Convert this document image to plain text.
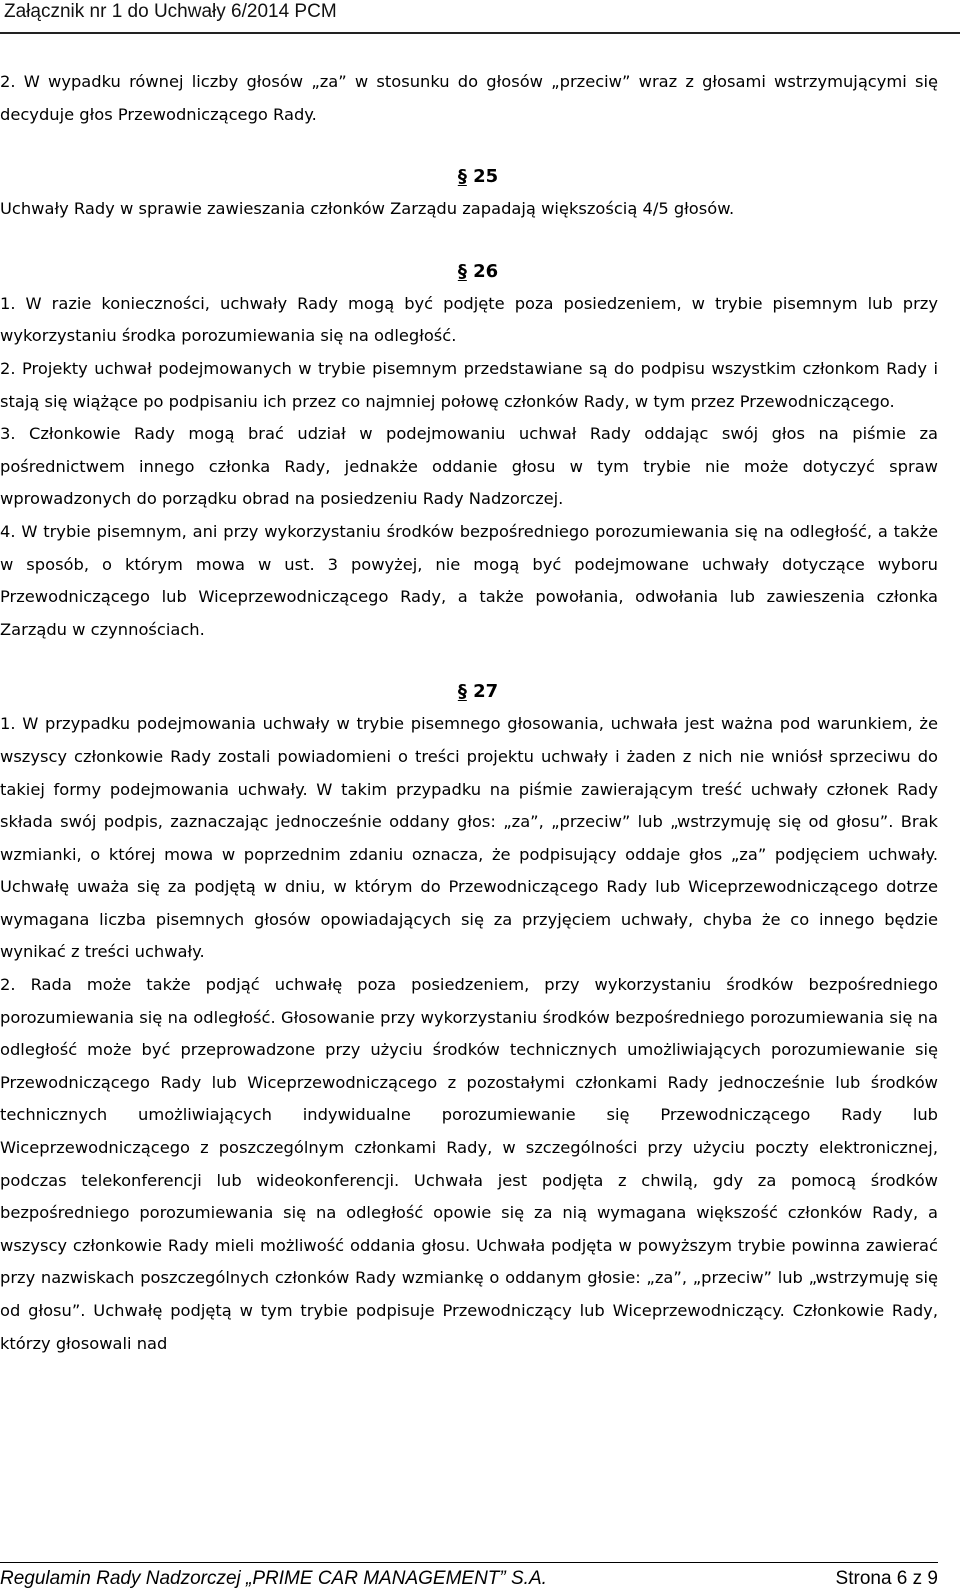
Załącznik nr 1 do Uchwały 6/2014 PCM

2. W wypadku równej liczby głosów „za” w stosunku do głosów „przeciw” wraz z głosami wstrzymującymi się decyduje głos Przewodniczącego Rady.

§ 25

Uchwały Rady w sprawie zawieszania członków Zarządu zapadają większością 4/5 głosów.

§ 26

1. W razie konieczności, uchwały Rady mogą być podjęte poza posiedzeniem, w trybie pisemnym lub przy wykorzystaniu środka porozumiewania się na odległość.

2. Projekty uchwał podejmowanych w trybie pisemnym przedstawiane są do podpisu wszystkim członkom Rady i stają się wiążące po podpisaniu ich przez co najmniej połowę członków Rady, w tym przez Przewodniczącego.

3. Członkowie Rady mogą brać udział w podejmowaniu uchwał Rady oddając swój głos na piśmie za pośrednictwem innego członka Rady, jednakże oddanie głosu w tym trybie nie może dotyczyć spraw wprowadzonych do porządku obrad na posiedzeniu Rady Nadzorczej.

4. W trybie pisemnym, ani przy wykorzystaniu środków bezpośredniego porozumiewania się na odległość, a także w sposób, o którym mowa w ust. 3 powyżej, nie mogą być podejmowane uchwały dotyczące wyboru Przewodniczącego lub Wiceprzewodniczącego Rady, a także powołania, odwołania lub zawieszenia członka Zarządu w czynnościach.

§ 27

1. W przypadku podejmowania uchwały w trybie pisemnego głosowania, uchwała jest ważna pod warunkiem, że wszyscy członkowie Rady zostali powiadomieni o treści projektu uchwały i żaden z nich nie wniósł sprzeciwu do takiej formy podejmowania uchwały. W takim przypadku na piśmie zawierającym treść uchwały członek Rady składa swój podpis, zaznaczając jednocześnie oddany głos: „za”, „przeciw” lub „wstrzymuję się od głosu”. Brak wzmianki, o której mowa w poprzednim zdaniu oznacza, że podpisujący oddaje głos „za” podjęciem uchwały. Uchwałę uważa się za podjętą w dniu, w którym do Przewodniczącego Rady lub Wiceprzewodniczącego dotrze wymagana liczba pisemnych głosów opowiadających się za przyjęciem uchwały, chyba że co innego będzie wynikać z treści uchwały.

2. Rada może także podjąć uchwałę poza posiedzeniem, przy wykorzystaniu środków bezpośredniego porozumiewania się na odległość. Głosowanie przy wykorzystaniu środków bezpośredniego porozumiewania się na odległość może być przeprowadzone przy użyciu środków technicznych umożliwiających porozumiewanie się Przewodniczącego Rady lub Wiceprzewodniczącego z pozostałymi członkami Rady jednocześnie lub środków technicznych umożliwiających indywidualne porozumiewanie się Przewodniczącego Rady lub Wiceprzewodniczącego z poszczególnym członkami Rady, w szczególności przy użyciu poczty elektronicznej, podczas telekonferencji lub wideokonferencji. Uchwała jest podjęta z chwilą, gdy za pomocą środków bezpośredniego porozumiewania się na odległość opowie się za nią wymagana większość członków Rady, a wszyscy członkowie Rady mieli możliwość oddania głosu. Uchwała podjęta w powyższym trybie powinna zawierać przy nazwiskach poszczególnych członków Rady wzmiankę o oddanym głosie: „za”, „przeciw” lub „wstrzymuję się od głosu”. Uchwałę podjętą w tym trybie podpisuje Przewodniczący lub Wiceprzewodniczący. Członkowie Rady, którzy głosowali nad

Regulamin Rady Nadzorczej „PRIME CAR MANAGEMENT” S.A.	Strona 6 z 9
